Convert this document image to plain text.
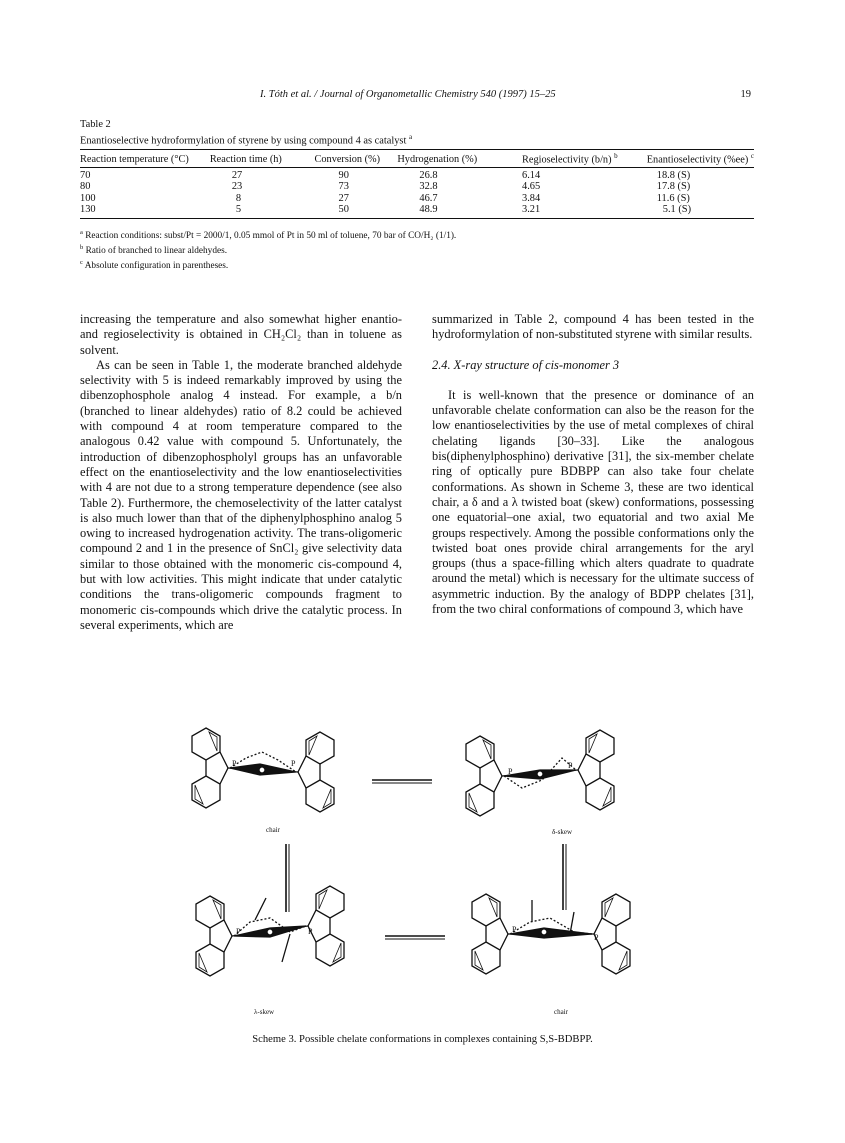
I. Tóth et al. / Journal of Organometallic Chemistry 540 (1997) 15–25	19
Table 2
Enantioselective hydroformylation of styrene by using compound 4 as catalyst $^a$
Reaction temperature (°C)	Reaction time (h)	Conversion (%)	Hydrogenation (%)	Regioselectivity (b/n) $^b$	Enantioselectivity (%ee) $^c$
70	27	90	26.8	6.14	18.8 (S)
80	23	73	32.8	4.65	17.8 (S)
100	8	27	46.7	3.84	11.6 (S)
130	5	50	48.9	3.21	5.1 (S)
$^a$ Reaction conditions: subst/Pt = 2000/1, 0.05 mmol of Pt in 50 ml of toluene, 70 bar of CO/H₂ (1/1).
$^b$ Ratio of branched to linear aldehydes.
$^c$ Absolute configuration in parentheses.

increasing the temperature and also somewhat higher enantio- and regioselectivity is obtained in CH₂Cl₂ than in toluene as solvent.

As can be seen in Table 1, the moderate branched aldehyde selectivity with 5 is indeed remarkably improved by using the dibenzophosphole analog 4 instead. For example, a b/n (branched to linear aldehydes) ratio of 8.2 could be achieved with compound 4 at room temperature compared to the analogous 0.42 value with compound 5. Unfortunately, the introduction of dibenzophospholyl groups has an unfavorable effect on the enantioselectivity and the low enantioselectivities with 4 are not due to a strong temperature dependence (see also Table 2). Furthermore, the chemoselectivity of the latter catalyst is also much lower than that of the diphenylphosphino analog 5 owing to increased hydrogenation activity. The trans-oligomeric compound 2 and 1 in the presence of SnCl₂ give selectivity data similar to those obtained with the monomeric cis-compound 4, but with low activities. This might indicate that under catalytic conditions the trans-oligomeric compounds fragment to monomeric cis-compounds which drive the catalytic process. In several experiments, which are

summarized in Table 2, compound 4 has been tested in the hydroformylation of non-substituted styrene with similar results.

2.4. X-ray structure of cis-monomer 3

It is well-known that the presence or dominance of an unfavorable chelate conformation can also be the reason for the low enantioselectivities by the use of metal complexes of chiral chelating ligands [30–33]. Like the analogous bis(diphenylphosphino) derivative [31], the six-member chelate ring of optically pure BDBPP can also take four chelate conformations. As shown in Scheme 3, these are two identical chair, a δ and a λ twisted boat (skew) conformations, possessing one equatorial–one axial, two equatorial and two axial Me groups respectively. Among the possible conformations only the twisted boat ones provide chiral arrangements for the aryl groups (thus a space-filling which alters quadrate to quadrate around the metal) which is necessary for the ultimate success of asymmetric induction. By the analogy of BDPP chelates [31], from the two chiral conformations of compound 3, which have

P	P
chair
P
P
δ-skew
P	P
λ-skew
P
P
chair
Scheme 3. Possible chelate conformations in complexes containing S,S-BDBPP.
